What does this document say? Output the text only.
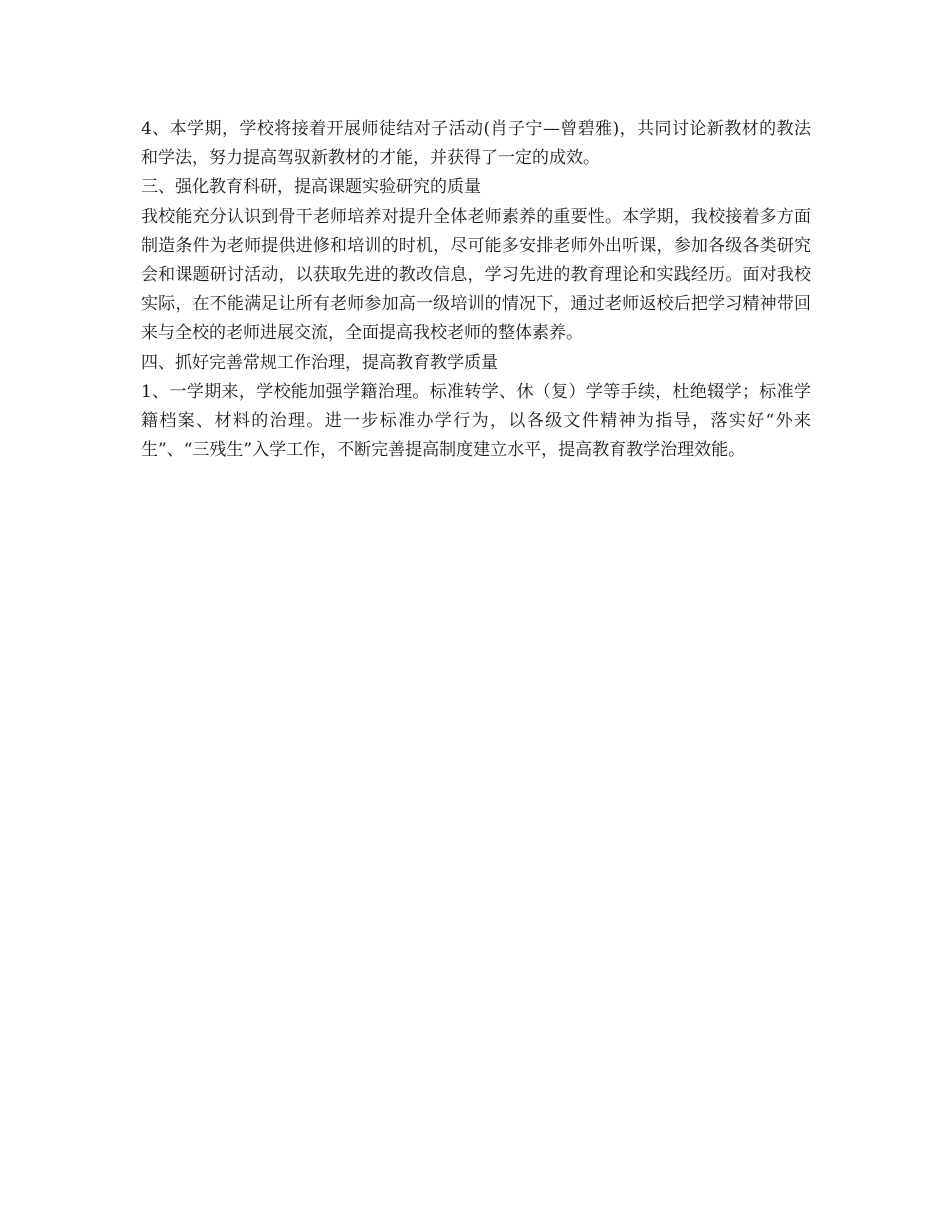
4、本学期，学校将接着开展师徒结对子活动(肖子宁—曾碧雅)，共同讨论新教材的教法和学法，努力提高驾驭新教材的才能，并获得了一定的成效。

三、强化教育科研，提高课题实验研究的质量

我校能充分认识到骨干老师培养对提升全体老师素养的重要性。本学期，我校接着多方面制造条件为老师提供进修和培训的时机，尽可能多安排老师外出听课，参加各级各类研究会和课题研讨活动，以获取先进的教改信息，学习先进的教育理论和实践经历。面对我校实际，在不能满足让所有老师参加高一级培训的情况下，通过老师返校后把学习精神带回来与全校的老师进展交流，全面提高我校老师的整体素养。

四、抓好完善常规工作治理，提高教育教学质量

1、一学期来，学校能加强学籍治理。标准转学、休（复）学等手续，杜绝辍学；标准学籍档案、材料的治理。进一步标准办学行为，以各级文件精神为指导，落实好“外来生”、“三残生”入学工作，不断完善提高制度建立水平，提高教育教学治理效能。
